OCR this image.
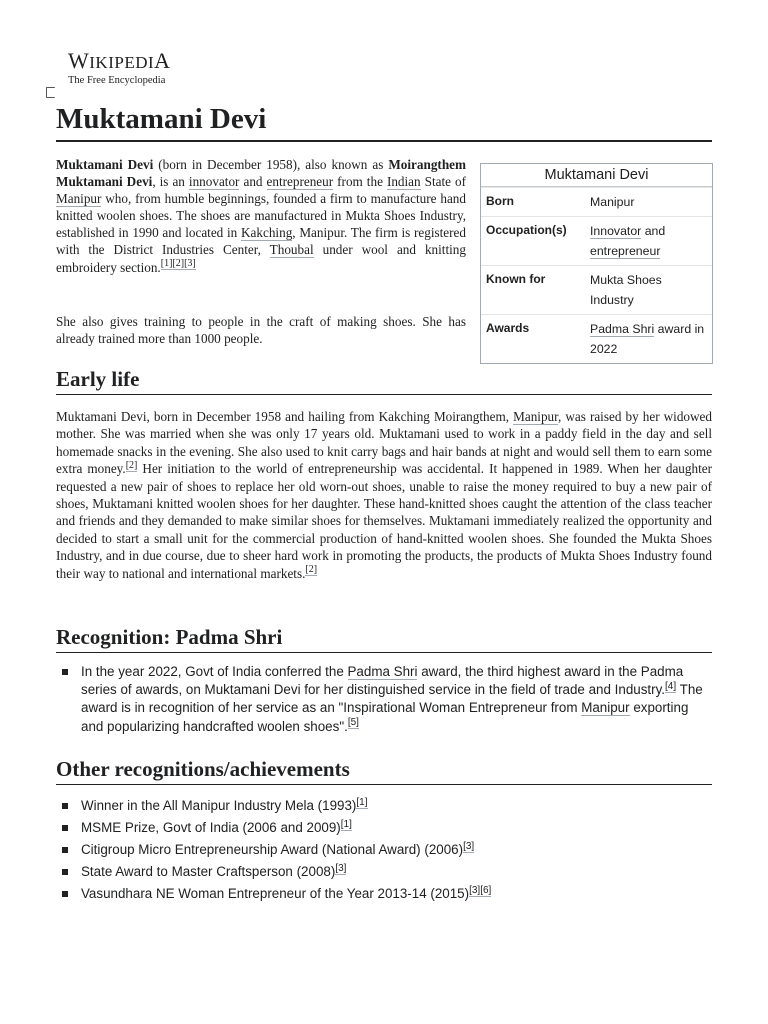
WIKIPEDIA
The Free Encyclopedia
Muktamani Devi
Muktamani Devi
Born	Manipur
Occupation(s)	Innovator and
entrepreneur
Known for	Mukta Shoes Industry
Awards	Padma Shri award in 2022

Muktamani Devi (born in December 1958), also known as Moirangthem Muktamani Devi, is an innovator and entrepreneur from the Indian State of Manipur who, from humble beginnings, founded a firm to manufacture hand knitted woolen shoes. The shoes are manufactured in Mukta Shoes Industry, established in 1990 and located in Kakching, Manipur. The firm is registered with the District Industries Center, Thoubal under wool and knitting embroidery section.[1][2][3]

She also gives training to people in the craft of making shoes. She has already trained more than 1000 people.

Early life

Muktamani Devi, born in December 1958 and hailing from Kakching Moirangthem, Manipur, was raised by her widowed mother. She was married when she was only 17 years old. Muktamani used to work in a paddy field in the day and sell homemade snacks in the evening. She also used to knit carry bags and hair bands at night and would sell them to earn some extra money.[2] Her initiation to the world of entrepreneurship was accidental. It happened in 1989. When her daughter requested a new pair of shoes to replace her old worn-out shoes, unable to raise the money required to buy a new pair of shoes, Muktamani knitted woolen shoes for her daughter. These hand-knitted shoes caught the attention of the class teacher and friends and they demanded to make similar shoes for themselves. Muktamani immediately realized the opportunity and decided to start a small unit for the commercial production of hand-knitted woolen shoes. She founded the Mukta Shoes Industry, and in due course, due to sheer hard work in promoting the products, the products of Mukta Shoes Industry found their way to national and international markets.[2]

Recognition: Padma Shri
In the year 2022, Govt of India conferred the Padma Shri award, the third highest award in the Padma series of awards, on Muktamani Devi for her distinguished service in the field of trade and Industry.[4] The award is in recognition of her service as an "Inspirational Woman Entrepreneur from Manipur exporting and popularizing handcrafted woolen shoes".[5]
Other recognitions/achievements
Winner in the All Manipur Industry Mela (1993)[1]
MSME Prize, Govt of India (2006 and 2009)[1]
Citigroup Micro Entrepreneurship Award (National Award) (2006)[3]
State Award to Master Craftsperson (2008)[3]
Vasundhara NE Woman Entrepreneur of the Year 2013-14 (2015)[3][6]
